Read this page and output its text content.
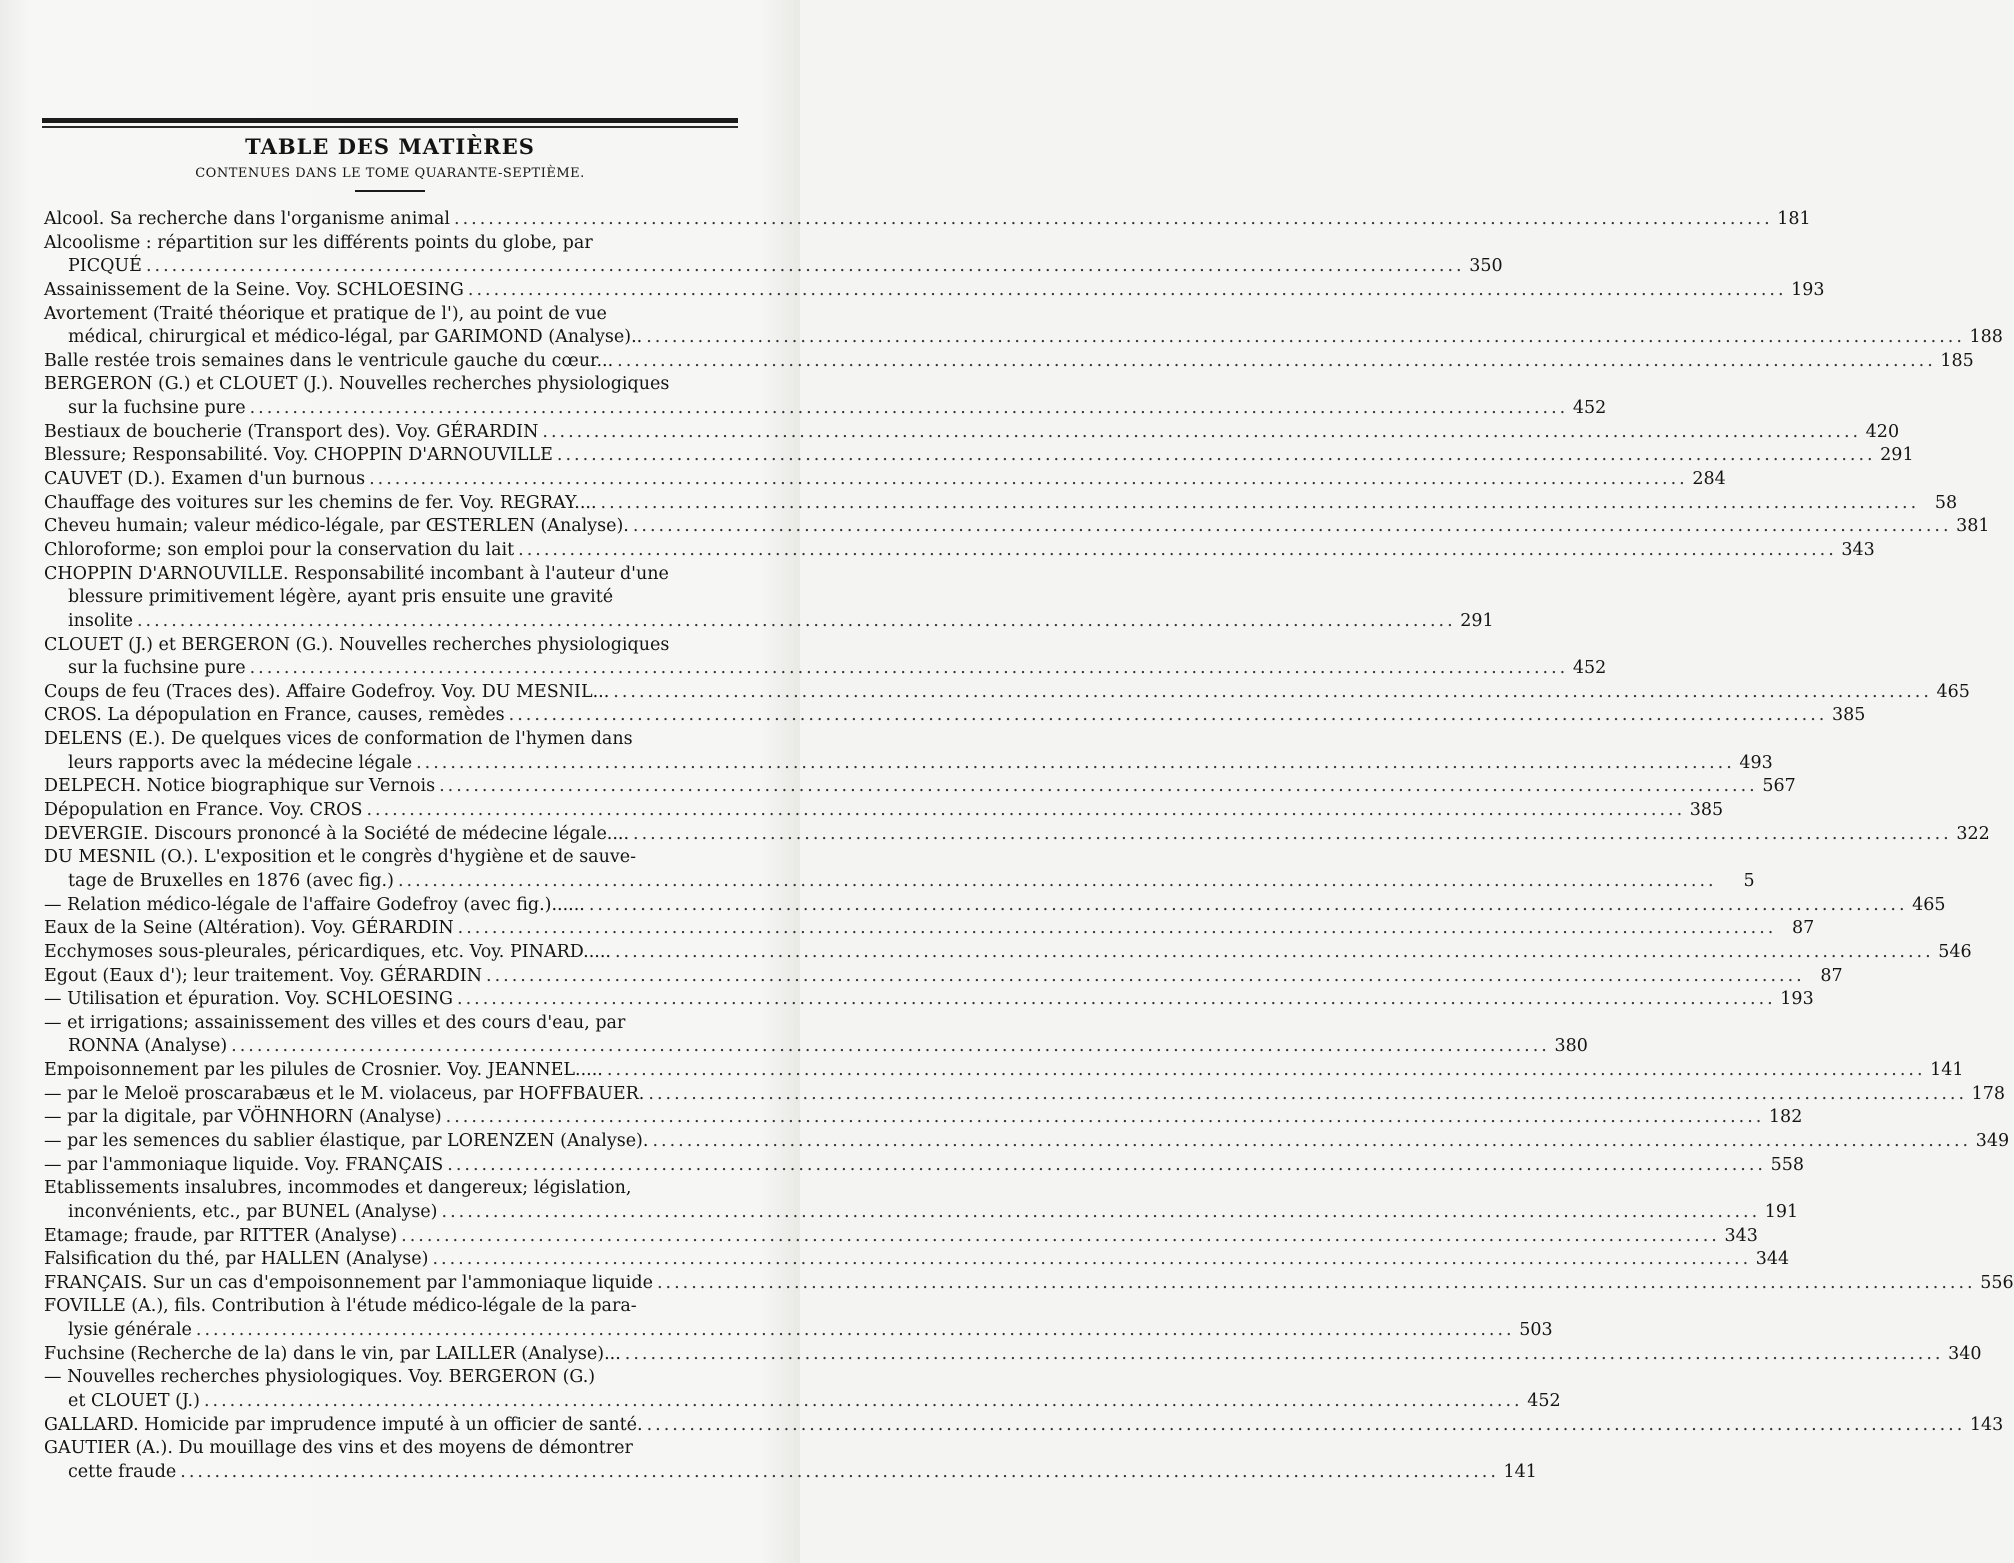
TABLE DES MATIÈRES
CONTENUES DANS LE TOME QUARANTE-SEPTIÈME.
Alcool. Sa recherche dans l'organisme animal .....	181
Alcoolisme : répartition sur les différents points du globe, par
PICQUÉ .....	350
Assainissement de la Seine. Voy. SCHLOESING .....	193
Avortement (Traité théorique et pratique de l'), au point de vue
médical, chirurgical et médico-légal, par GARIMOND (Analyse).. .....	188
Balle restée trois semaines dans le ventricule gauche du cœur... .....	185
BERGERON (G.) et CLOUET (J.). Nouvelles recherches physiologiques
sur la fuchsine pure .....	452
Bestiaux de boucherie (Transport des). Voy. GÉRARDIN .....	420
Blessure; Responsabilité. Voy. CHOPPIN D'ARNOUVILLE .....	291
CAUVET (D.). Examen d'un burnous .....	284
Chauffage des voitures sur les chemins de fer. Voy. REGRAY.... .....	58
Cheveu humain; valeur médico-légale, par ŒSTERLEN (Analyse). .....	381
Chloroforme; son emploi pour la conservation du lait .....	343
CHOPPIN D'ARNOUVILLE. Responsabilité incombant à l'auteur d'une
blessure primitivement légère, ayant pris ensuite une gravité
insolite .....	291
CLOUET (J.) et BERGERON (G.). Nouvelles recherches physiologiques
sur la fuchsine pure .....	452
Coups de feu (Traces des). Affaire Godefroy. Voy. DU MESNIL... .....	465
CROS. La dépopulation en France, causes, remèdes .....	385
DELENS (E.). De quelques vices de conformation de l'hymen dans
leurs rapports avec la médecine légale .....	493
DELPECH. Notice biographique sur Vernois .....	567
Dépopulation en France. Voy. CROS .....	385
DEVERGIE. Discours prononcé à la Société de médecine légale.... .....	322
DU MESNIL (O.). L'exposition et le congrès d'hygiène et de sauve-
tage de Bruxelles en 1876 (avec fig.) .....	5
— Relation médico-légale de l'affaire Godefroy (avec fig.)...... .....	465
Eaux de la Seine (Altération). Voy. GÉRARDIN .....	87
Ecchymoses sous-pleurales, péricardiques, etc. Voy. PINARD..... .....	546
Egout (Eaux d'); leur traitement. Voy. GÉRARDIN .....	87
— Utilisation et épuration. Voy. SCHLOESING .....	193
— et irrigations; assainissement des villes et des cours d'eau, par
RONNA (Analyse) .....	380
Empoisonnement par les pilules de Crosnier. Voy. JEANNEL..... .....	141
— par le Meloë proscarabæus et le M. violaceus, par HOFFBAUER. .....	178
— par la digitale, par VÖHNHORN (Analyse) .....	182
— par les semences du sablier élastique, par LORENZEN (Analyse). .....	349
— par l'ammoniaque liquide. Voy. FRANÇAIS .....	558
Etablissements insalubres, incommodes et dangereux; législation,
inconvénients, etc., par BUNEL (Analyse) .....	191
Etamage; fraude, par RITTER (Analyse) .....	343
Falsification du thé, par HALLEN (Analyse) .....	344
FRANÇAIS. Sur un cas d'empoisonnement par l'ammoniaque liquide .....	556
FOVILLE (A.), fils. Contribution à l'étude médico-légale de la para-
lysie générale .....	503
Fuchsine (Recherche de la) dans le vin, par LAILLER (Analyse)... .....	340
— Nouvelles recherches physiologiques. Voy. BERGERON (G.)
et CLOUET (J.) .....	452
GALLARD. Homicide par imprudence imputé à un officier de santé. .....	143
GAUTIER (A.). Du mouillage des vins et des moyens de démontrer
cette fraude .....	141
